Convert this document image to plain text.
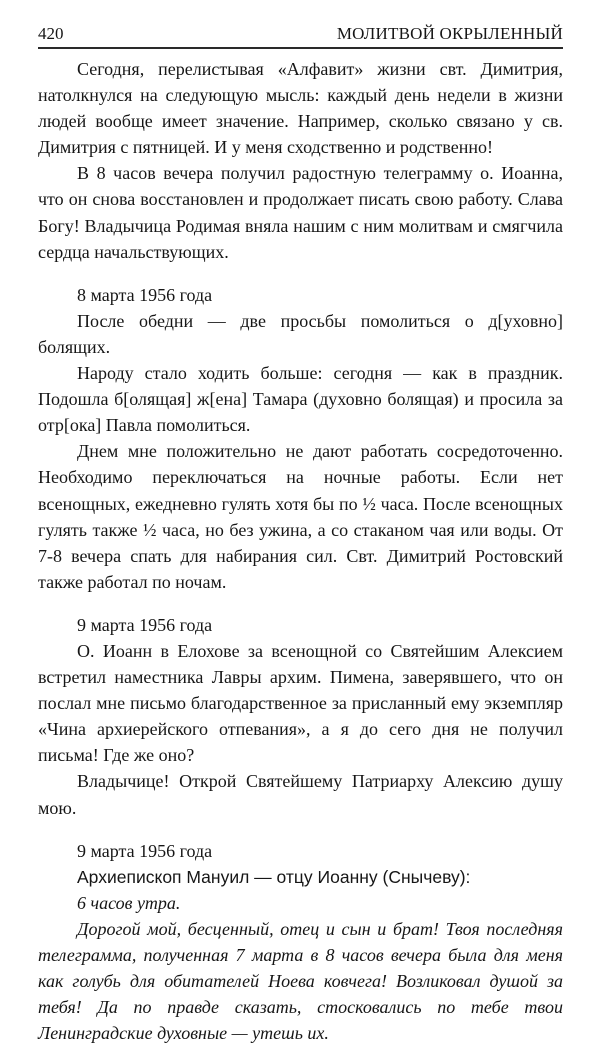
420	МОЛИТВОЙ ОКРЫЛЕННЫЙ

Сегодня, перелистывая «Алфавит» жизни свт. Димитрия, натолкнулся на следующую мысль: каждый день недели в жизни людей вообще имеет значение. Например, сколько связано у св. Димитрия с пятницей. И у меня сходственно и родственно!

В 8 часов вечера получил радостную телеграмму о. Иоанна, что он снова восстановлен и продолжает писать свою работу. Слава Богу! Владычица Родимая вняла нашим с ним молитвам и смягчила сердца начальствующих.

8 марта 1956 года

После обедни — две просьбы помолиться о д[уховно] болящих.

Народу стало ходить больше: сегодня — как в праздник. Подошла б[олящая] ж[ена] Тамара (духовно болящая) и просила за отр[ока] Павла помолиться.

Днем мне положительно не дают работать сосредоточенно. Необходимо переключаться на ночные работы. Если нет всенощных, ежедневно гулять хотя бы по ½ часа. После всенощных гулять также ½ часа, но без ужина, а со стаканом чая или воды. От 7-8 вечера спать для набирания сил. Свт. Димитрий Ростовский также работал по ночам.

9 марта 1956 года

О. Иоанн в Елохове за всенощной со Святейшим Алексием встретил наместника Лавры архим. Пимена, заверявшего, что он послал мне письмо благодарственное за присланный ему экземпляр «Чина архиерейского отпевания», а я до сего дня не получил письма! Где же оно?

Владычице! Открой Святейшему Патриарху Алексию душу мою.

9 марта 1956 года

Архиепископ Мануил — отцу Иоанну (Снычеву):

6 часов утра.

Дорогой мой, бесценный, отец и сын и брат! Твоя последняя телеграмма, полученная 7 марта в 8 часов вечера была для меня как голубь для обитателей Ноева ковчега! Возликовал душой за тебя! Да по правде сказать, стосковались по тебе твои Ленинградские духовные — утешь их.
